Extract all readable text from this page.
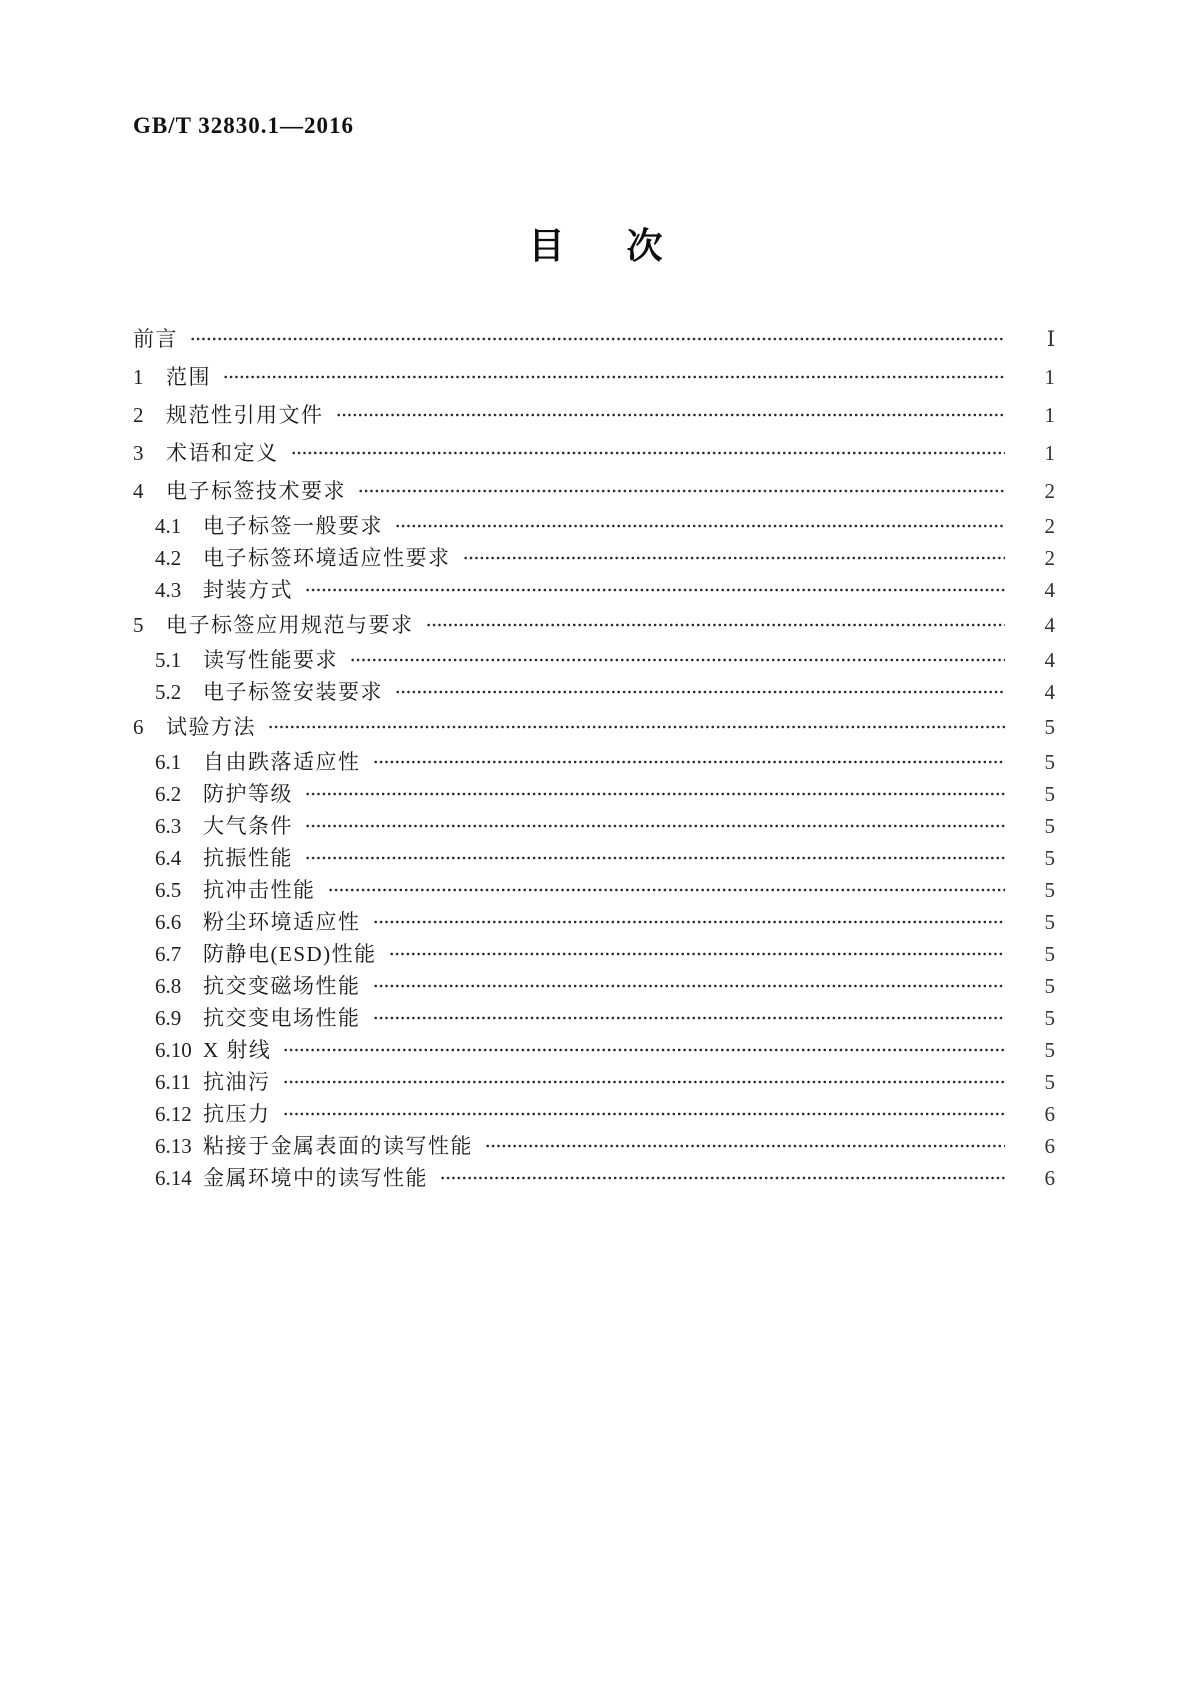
GB/T 32830.1—2016
目 次
前言	Ⅰ
1	范围	1
2	规范性引用文件	1
3	术语和定义	1
4	电子标签技术要求	2
4.1	电子标签一般要求	2
4.2	电子标签环境适应性要求	2
4.3	封装方式	4
5	电子标签应用规范与要求	4
5.1	读写性能要求	4
5.2	电子标签安装要求	4
6	试验方法	5
6.1	自由跌落适应性	5
6.2	防护等级	5
6.3	大气条件	5
6.4	抗振性能	5
6.5	抗冲击性能	5
6.6	粉尘环境适应性	5
6.7	防静电(ESD)性能	5
6.8	抗交变磁场性能	5
6.9	抗交变电场性能	5
6.10 X 射线	5
6.11 抗油污	5
6.12 抗压力	6
6.13 粘接于金属表面的读写性能	6
6.14 金属环境中的读写性能	6
